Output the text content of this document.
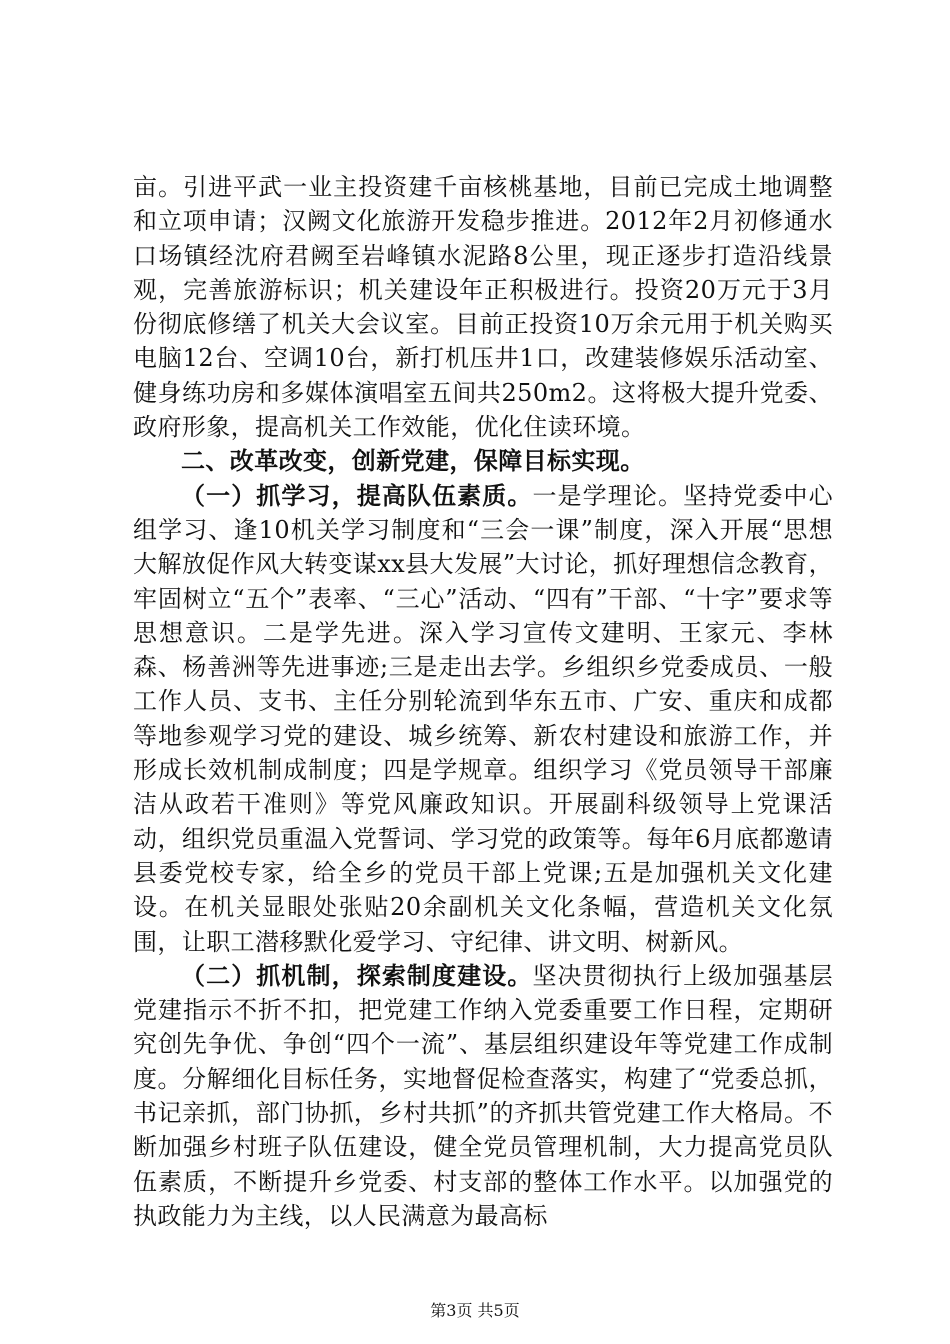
亩。引进平武一业主投资建千亩核桃基地，目前已完成土地调整和立项申请；汉阙文化旅游开发稳步推进。2012年2月初修通水口场镇经沈府君阙至岩峰镇水泥路8公里，现正逐步打造沿线景观，完善旅游标识；机关建设年正积极进行。投资20万元于3月份彻底修缮了机关大会议室。目前正投资10万余元用于机关购买电脑12台、空调10台，新打机压井1口，改建装修娱乐活动室、健身练功房和多媒体演唱室五间共250m2。这将极大提升党委、政府形象，提高机关工作效能，优化住读环境。

二、改革改变，创新党建，保障目标实现。

（一）抓学习，提高队伍素质。一是学理论。坚持党委中心组学习、逢10机关学习制度和“三会一课”制度，深入开展“思想大解放促作风大转变谋xx县大发展”大讨论，抓好理想信念教育，牢固树立“五个”表率、“三心”活动、“四有”干部、“十字”要求等思想意识。二是学先进。深入学习宣传文建明、王家元、李林森、杨善洲等先进事迹;三是走出去学。乡组织乡党委成员、一般工作人员、支书、主任分别轮流到华东五市、广安、重庆和成都等地参观学习党的建设、城乡统筹、新农村建设和旅游工作，并形成长效机制成制度；四是学规章。组织学习《党员领导干部廉洁从政若干准则》等党风廉政知识。开展副科级领导上党课活动，组织党员重温入党誓词、学习党的政策等。每年6月底都邀请县委党校专家，给全乡的党员干部上党课;五是加强机关文化建设。在机关显眼处张贴20余副机关文化条幅，营造机关文化氛围，让职工潜移默化爱学习、守纪律、讲文明、树新风。

（二）抓机制，探索制度建设。坚决贯彻执行上级加强基层党建指示不折不扣，把党建工作纳入党委重要工作日程，定期研究创先争优、争创“四个一流”、基层组织建设年等党建工作成制度。分解细化目标任务，实地督促检查落实，构建了“党委总抓，书记亲抓，部门协抓，乡村共抓”的齐抓共管党建工作大格局。不断加强乡村班子队伍建设，健全党员管理机制，大力提高党员队伍素质，不断提升乡党委、村支部的整体工作水平。以加强党的执政能力为主线，以人民满意为最高标

第3页 共5页
